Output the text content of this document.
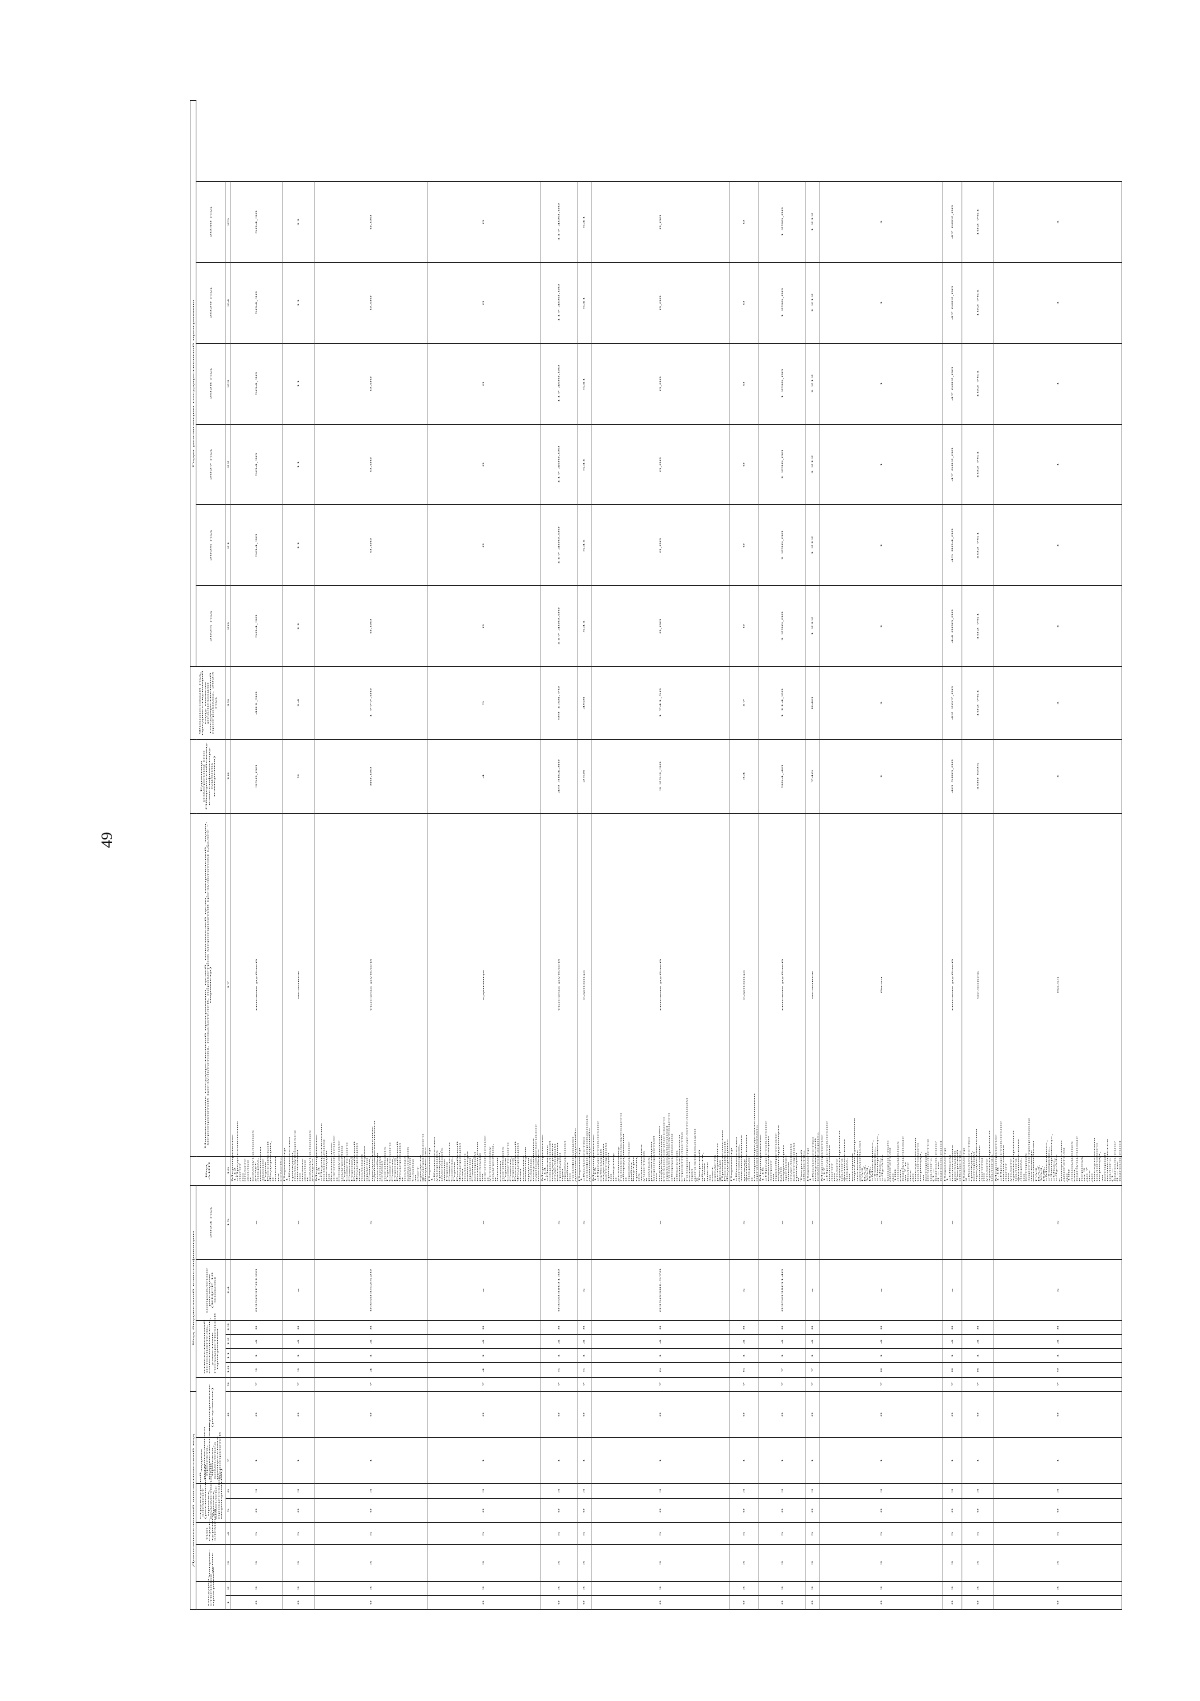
49
Дополнительный аналитический код								Код бюджетной классификации							Код АИП	Наименование государственной программы, целей, показателей цели, направлений, задач, мероприятий (результатов), показателей, параметров мероприятий (результатов) (далее - параметр)	Единица измерения (по Общероссийскому классификатору единиц измерения)	Финансовый год, предшествующий году начала реализации государственной программы, 2023 год	Годы реализации государственной программы					
государ-ственная программа		направ-ление	тип струк-турного элемента	структурный элемент (региональный проект, ведомственный проект, комплекс процессных мероприятий)		задача регионального проекта, ведомственного проекта, комплекса процессных мероприятий	мероприятие (результат)		ответственный исполнитель, соисполнитель, участник государственной программы				направление расходов (КЦСР 10 знаков)	2024 год					2025 год	2026 год	2027 год	2028 год	2029 год	2030 год
1	2	3	4	5	6	7	8	9	10	11	12	13	14	15	16	17	18	19	20	21	22	23	24	25
0	3	3	5	0	3	1	0	7	3	1	4	8	03503Г0120	x	Мероприятие 1.12 «Предоставление льгот по оплате жилья и коммунальных услуг лицам, имеющим звание Героя Российской Федерации, и членам их семей»	тысяча рублей	350,00	481,90	504,30	504,30	504,30	504,30	504,30	504,30
0	3	3	5	0	3	1	0	7	3	1	4	8	x	x	Параметр 1 «Количество граждан, пользующихся льготами по оплате жилья и коммунальных услуг»	человек	9	14	11	11	11	11	11	11
0	3	3	5	0	3	1	0	7	4	1	4	8	0350352520	x	Мероприятие 1.13 «Осуществление возмещения расходов на бесплатное изготовление и сооружение надгробия Героям Советского Союза, Героям Российской Федерации или полным кавалерам ордена Славы, предоставление единовременного пособия членам семьи погибших Героев Советского Союза, Героев Российской Федерации и полных кавалеров ордена Славы за счет средств федерального бюджета»	тысяча рублей	80,00	1 777,00	0,00	0,00	0,00	0,00	0,00	0,00
0	3	3	5	0	3	1	0	7	4	1	4	8	x	x	Параметр 1 «Количество умерших граждан, имеющих звание Героя Советского Союза, Героя Российской Федерации или полного кавалера ордена Славы, которым возмещены расходы на изготовление и установку надгробия, и членов семьи погибших Героев Советского Союза, Героев Российской Федерации или полных кавалеров ордена Славы, получивших единовременное пособие»	единица	4	5	0	0	0	0	0	0
0	3	3	5	0	3	1	0	7	5	1	4	8	03503Ю130	x	Мероприятие 1.14 «Оказание социальной поддержки отдельным категориям граждан при проведении работ по газификации домовладений»	тысяча рублей	49 384,80	99 138,70	117 400,00	117 400,00	117 400,00	117 400,00	117 400,00	117 400,00
0	3	3	5	0	3	1	0	7	5	1	4	8	x	x	Параметр 1 «Количество газифицированных домовладений»	единица	258	468	541	541	541	541	541	541
0	3	3	5	0	3	1	0	7	6	1	4	8	035038L570	x	Мероприятие 1.15 «Предоставление субсидий отдельным категориям граждан на покупку и установку газоиспользующего оборудования и проведение работ внутри границ их земельных участков в рамках реализации мероприятий по осуществлению подключения (технологического присоединения) газоиспользующего оборудования и объектов капитального строительства к газораспределительным сетям при догазификации в Тверской области, в том числе за счет средств резервного фонда Правительства Российской Федерации»	тысяча рублей	3 253,30	1 741,50	0,00	0,00	0,00	0,00	0,00	0,00
0	3	3	5	0	3	1	0	7	6	1	4	8	x	x	Параметр 1 «Количество договоров, заключенных между физическими лицами и газораспределительными организациями»	единица	34	17	0	0	0	0	0	0
0	3	3	5	0	3	1	0	7	7	1	4	8	03503Ю140	x	Мероприятие 1.16 «Предоставление компенсации затрат на приобретение корригирующих (для коррекции зрения) очков отдельным категориям граждан в Тверской области»	тысяча рублей	964,40	1 114,20	1 296,00	1 296,00	1 296,00	1 296,00	1 296,00	1 296,00
0	3	3	5	0	3	1	0	7	7	1	4	8	x	x	Параметр 1 «Количество получателей компенсации»	человек	746	840	1 212	1 212	1 212	1 212	1 212	1 212
0	3	3	5	0	3	1	0	7	8	1	4	8	x	x	Мероприятие 1.17 «Предоставление налоговых льгот по уплате транспортного налога физическим лицам, на которых зарегистрированы легковые автомобили ГАЗ, ВАЗ, УАЗ, ИЖ, «Москвич», «Таврия», «Запорожец», «Ока», «ЛуАЗ» с мощностью двигателя до 100 лошадиных сил, выпущенные за 7 и более лет до наступления налогового периода, за который исчисляется налог» (1 – выполнено/ 0 – не выполнено)	балл	1	1	1	1	1	1	1	1
0	3	3	5	0	3	1	0	7	8	1	4	8	x	x	Параметр 1 «Объем налоговых расходов Тверской области»	тысяча рублей	40 580,00	42 267,00	44 000,00	45 804,00	47 682,00	47 682,00	47 682,00	47 682,00
0	3	3	5	0	3	1	0	7	8	1	4	8			Параметр 2 «Количество граждан, которым предоставлены налоговые льготы по уплате транспортного налога»	человек	100 695	102 761	102 761	102 761	102 761	102 761	102 761	102 761
0	3	3	5	0	3	1	0	7	9	1	4	8	x	x	Мероприятие 1.18 «Предоставление налоговых льгот по уплате транспортного налога физическим лицам, на которых зарегистрированы легковые автомобили ГАЗ, ВАЗ, УАЗ, ИЖ, «Москвич», «Таврия», «Запорожец», «Ока», «ЛуАЗ» с мощностью двигателя до 100 лошадиных сил, выпущенные в период от 3 до 7 лет до наступления налогового периода, за который исчисляется налог» (1 – выполнено/ 0 – не выполнено)	балл	1	1	1	1	1	1	1	1
